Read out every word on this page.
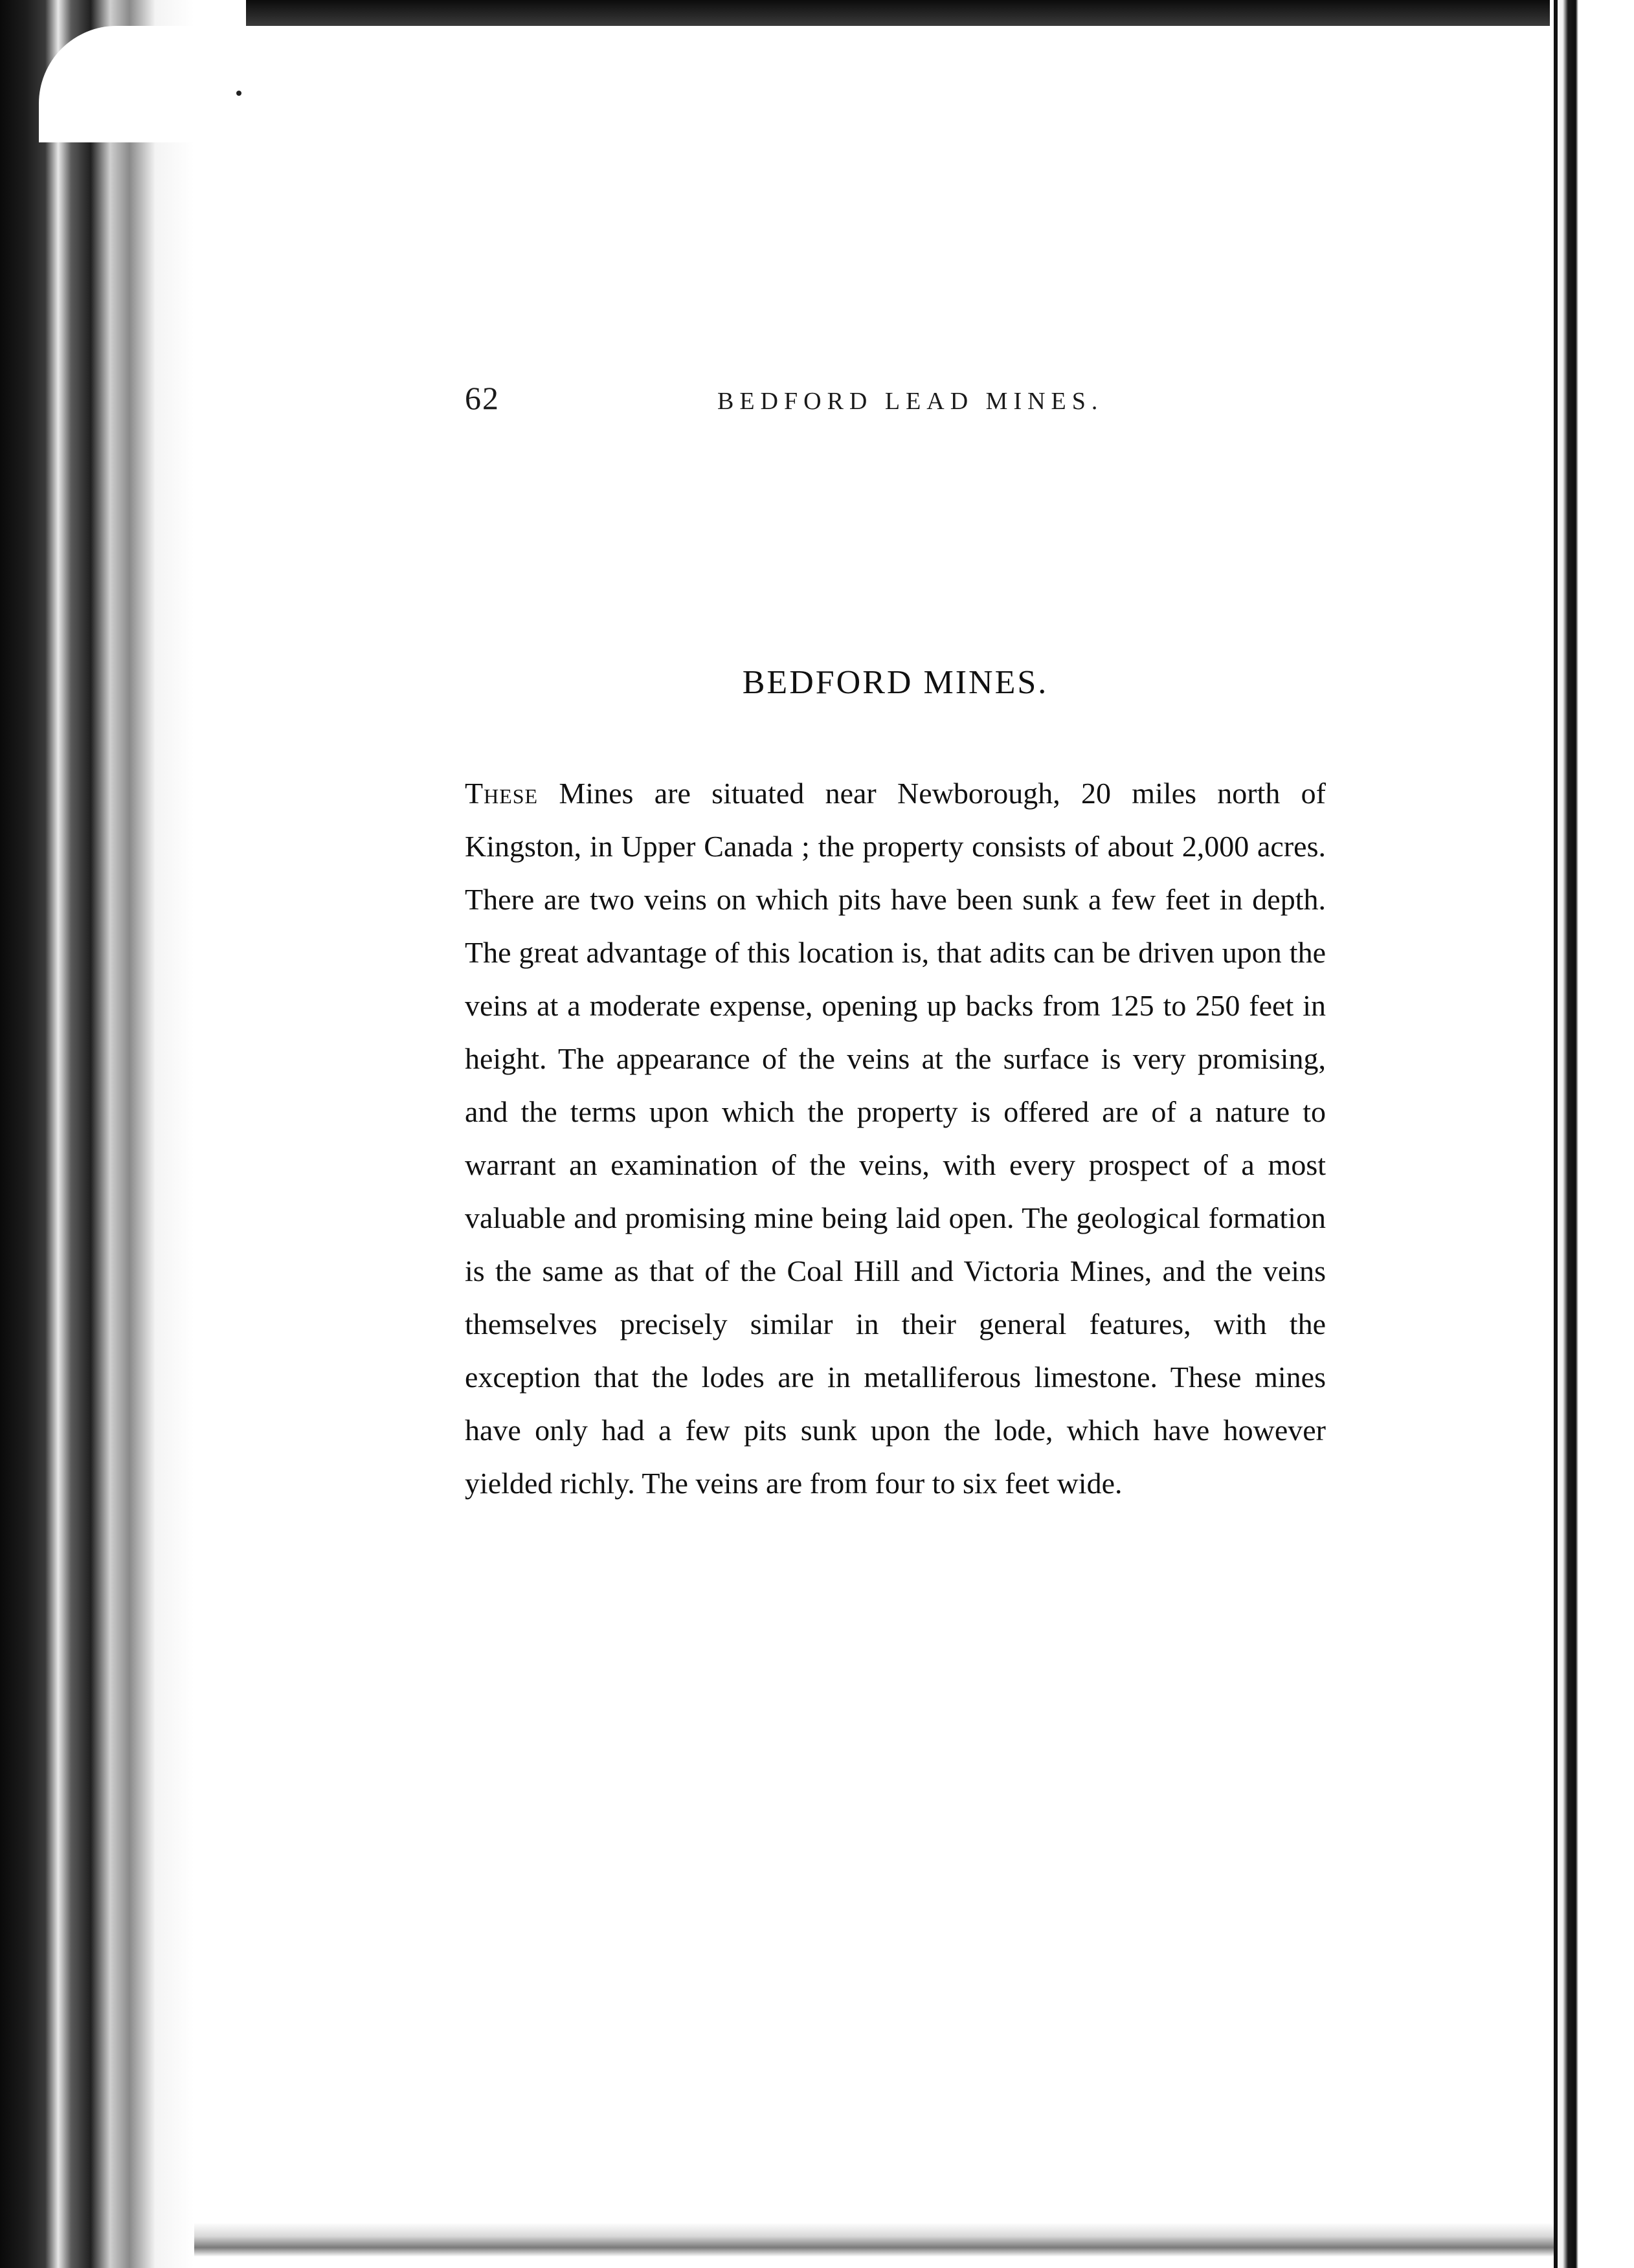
62	BEDFORD LEAD MINES.
BEDFORD MINES.
These Mines are situated near Newborough, 20 miles north of Kingston, in Upper Canada ; the property consists of about 2,000 acres. There are two veins on which pits have been sunk a few feet in depth. The great advantage of this location is, that adits can be driven upon the veins at a moderate expense, opening up backs from 125 to 250 feet in height. The appearance of the veins at the surface is very promising, and the terms upon which the property is offered are of a nature to warrant an examination of the veins, with every prospect of a most valuable and promising mine being laid open. The geological formation is the same as that of the Coal Hill and Victoria Mines, and the veins themselves precisely similar in their general features, with the exception that the lodes are in metalliferous limestone. These mines have only had a few pits sunk upon the lode, which have however yielded richly. The veins are from four to six feet wide.
